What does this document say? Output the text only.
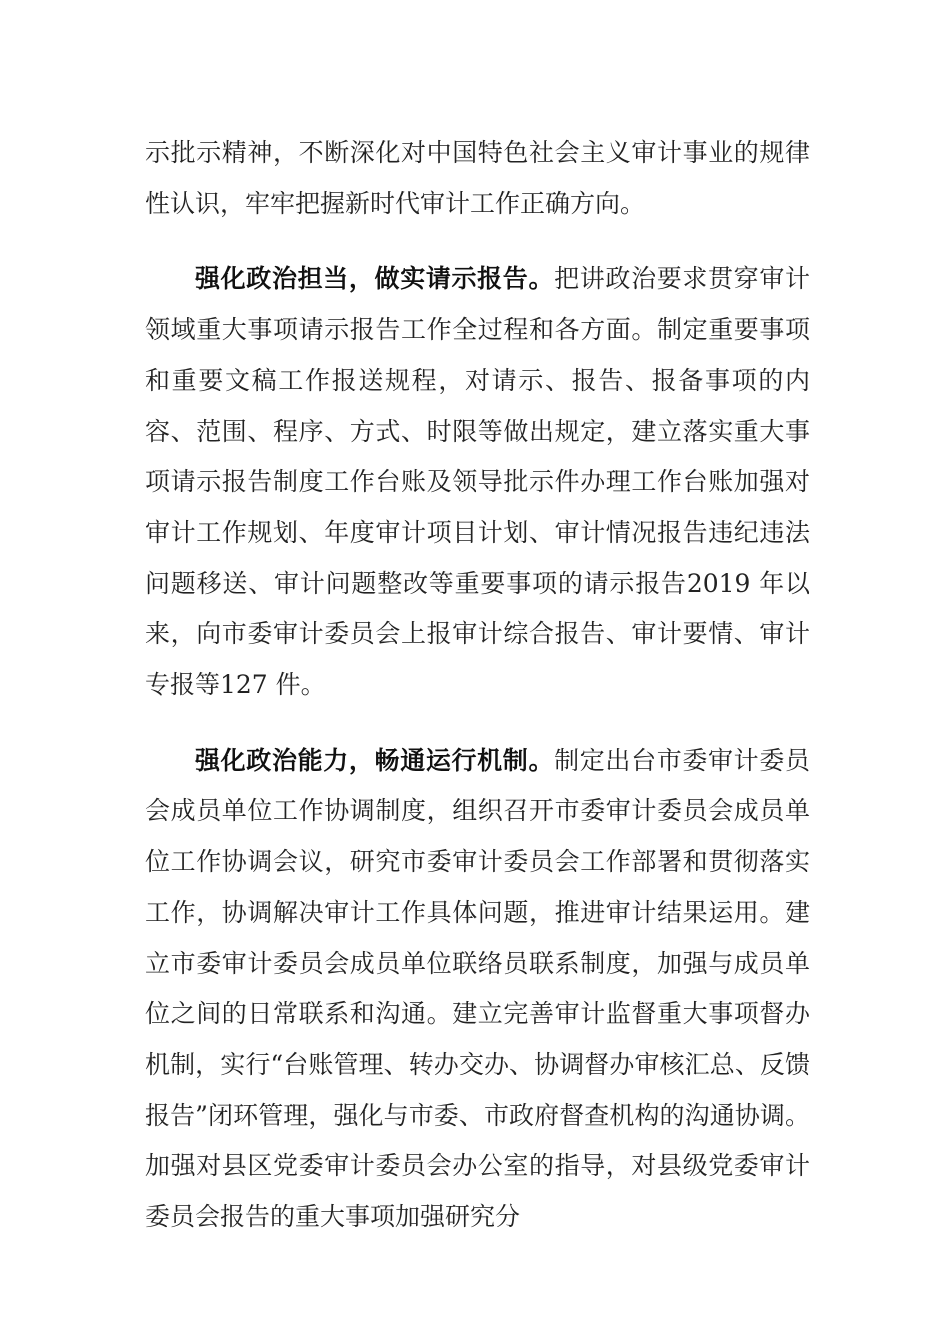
示批示精神，不断深化对中国特色社会主义审计事业的规律性认识，牢牢把握新时代审计工作正确方向。

强化政治担当，做实请示报告。把讲政治要求贯穿审计领域重大事项请示报告工作全过程和各方面。制定重要事项和重要文稿工作报送规程，对请示、报告、报备事项的内容、范围、程序、方式、时限等做出规定，建立落实重大事项请示报告制度工作台账及领导批示件办理工作台账加强对审计工作规划、年度审计项目计划、审计情况报告违纪违法问题移送、审计问题整改等重要事项的请示报告2019 年以来，向市委审计委员会上报审计综合报告、审计要情、审计专报等127 件。

强化政治能力，畅通运行机制。制定出台市委审计委员会成员单位工作协调制度，组织召开市委审计委员会成员单位工作协调会议，研究市委审计委员会工作部署和贯彻落实工作，协调解决审计工作具体问题，推进审计结果运用。建立市委审计委员会成员单位联络员联系制度，加强与成员单位之间的日常联系和沟通。建立完善审计监督重大事项督办机制，实行“台账管理、转办交办、协调督办审核汇总、反馈报告”闭环管理，强化与市委、市政府督查机构的沟通协调。加强对县区党委审计委员会办公室的指导，对县级党委审计委员会报告的重大事项加强研究分
